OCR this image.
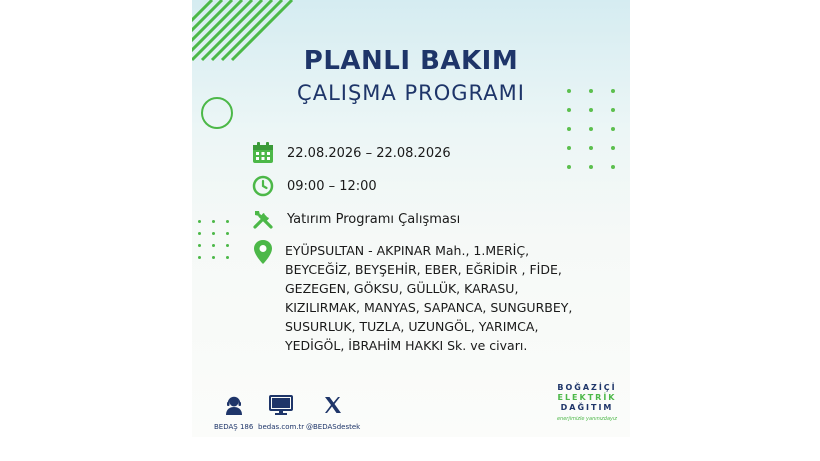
PLANLI BAKIM
ÇALIŞMA PROGRAMI
22.08.2026 – 22.08.2026
09:00 – 12:00
Yatırım Programı Çalışması
EYÜPSULTAN - AKPINAR Mah., 1.MERİÇ,
BEYCEĞİZ, BEYŞEHİR, EBER, EĞRİDİR , FİDE,
GEZEGEN, GÖKSU, GÜLLÜK, KARASU,
KIZILIRMAK, MANYAS, SAPANCA, SUNGURBEY,
SUSURLUK, TUZLA, UZUNGÖL, YARIMCA,
YEDİGÖL, İBRAHİM HAKKI Sk. ve civarı.
BEDAŞ 186 bedas.com.tr @BEDASdestek
BOĞAZİÇİ
ELEKTRİK
DAĞITIM
enerjimizle yanınızdayız
